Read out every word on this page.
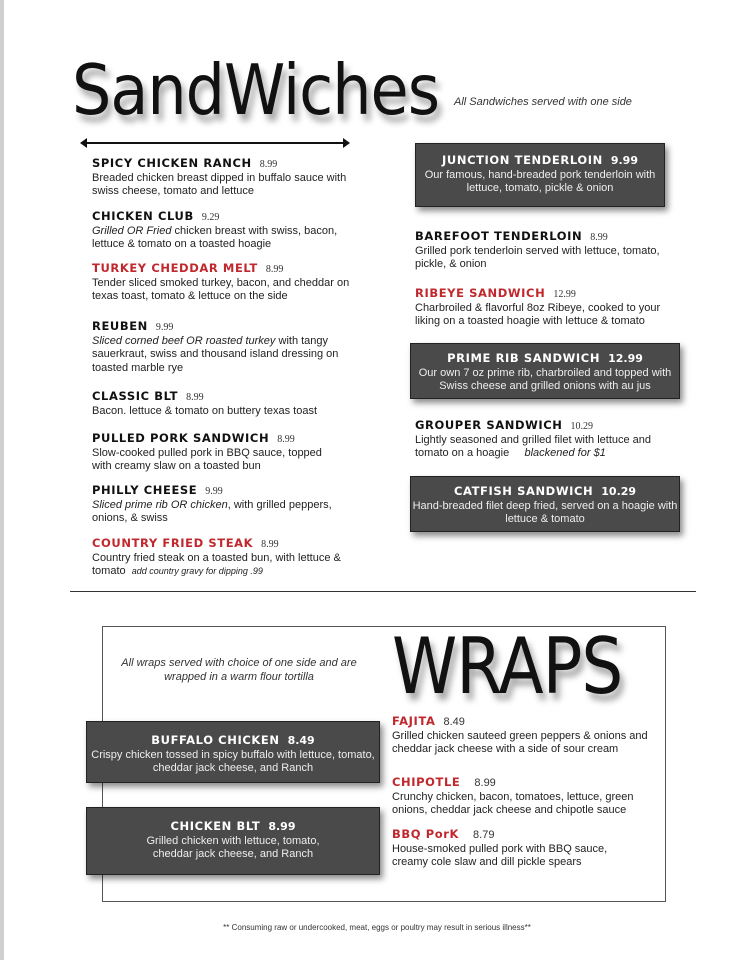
SandWiches All Sandwiches served with one side
SPICY CHICKEN RANCH 8.99
Breaded chicken breast dipped in buffalo sauce with swiss cheese, tomato and lettuce
CHICKEN CLUB 9.29
Grilled OR Fried chicken breast with swiss, bacon, lettuce & tomato on a toasted hoagie
TURKEY CHEDDAR MELT 8.99
Tender sliced smoked turkey, bacon, and cheddar on texas toast, tomato & lettuce on the side
REUBEN 9.99
Sliced corned beef OR roasted turkey with tangy sauerkraut, swiss and thousand island dressing on toasted marble rye
CLASSIC BLT 8.99
Bacon. lettuce & tomato on buttery texas toast
PULLED PORK SANDWICH 8.99
Slow-cooked pulled pork in BBQ sauce, topped with creamy slaw on a toasted bun
PHILLY CHEESE 9.99
Sliced prime rib OR chicken, with grilled peppers, onions, & swiss
COUNTRY FRIED STEAK 8.99
Country fried steak on a toasted bun, with lettuce & tomato add country gravy for dipping .99
JUNCTION TENDERLOIN 9.99
Our famous, hand-breaded pork tenderloin with lettuce, tomato, pickle & onion
BAREFOOT TENDERLOIN 8.99
Grilled pork tenderloin served with lettuce, tomato, pickle, & onion
RIBEYE SANDWICH 12.99
Charbroiled & flavorful 8oz Ribeye, cooked to your liking on a toasted hoagie with lettuce & tomato
PRIME RIB SANDWICH 12.99
Our own 7 oz prime rib, charbroiled and topped with Swiss cheese and grilled onions with au jus
GROUPER SANDWICH 10.29
Lightly seasoned and grilled filet with lettuce and tomato on a hoagie blackened for $1
CATFISH SANDWICH 10.29
Hand-breaded filet deep fried, served on a hoagie with lettuce & tomato
All wraps served with choice of one side and are wrapped in a warm flour tortilla	WRAPS
BUFFALO CHICKEN 8.49
Crispy chicken tossed in spicy buffalo with lettuce, tomato, cheddar jack cheese, and Ranch
CHICKEN BLT 8.99
Grilled chicken with lettuce, tomato, cheddar jack cheese, and Ranch
FAJITA 8.49
Grilled chicken sauteed green peppers & onions and cheddar jack cheese with a side of sour cream
CHIPOTLE 8.99
Crunchy chicken, bacon, tomatoes, lettuce, green onions, cheddar jack cheese and chipotle sauce
BBQ PorK 8.79
House-smoked pulled pork with BBQ sauce, creamy cole slaw and dill pickle spears
** Consuming raw or undercooked, meat, eggs or poultry may result in serious illness**
